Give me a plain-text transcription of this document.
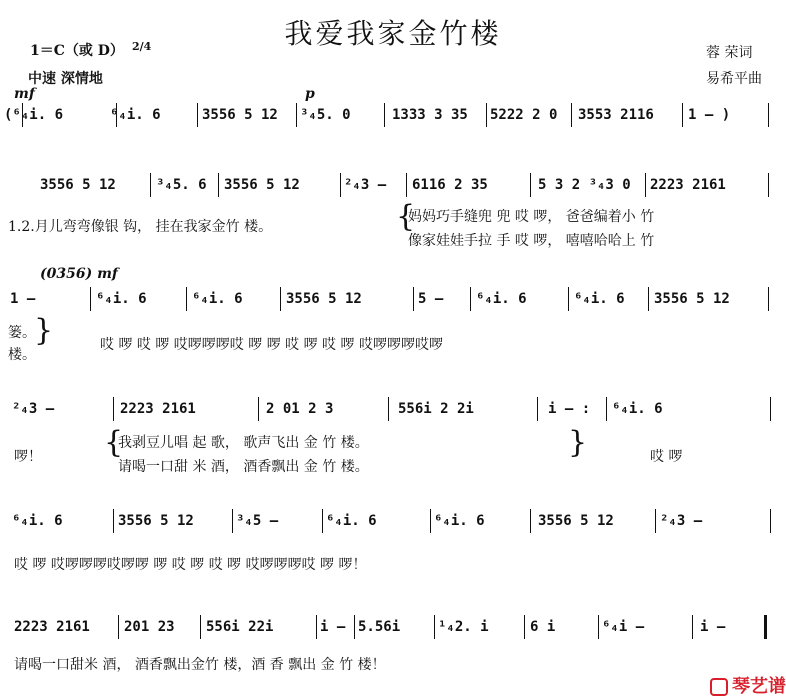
我爱我家金竹楼
1＝C（或 D） 2/4
中速 深情地
蓉 荣词
易希平曲
(⁶₄i. 6	⁶₄i. 6	3556 5 12 ³₄5. 0	1333 3 35 5222 2 0 3553 2116 1 – )
mf	p
3556 5 12	³₄5. 6 3556 5 12	²₄3 – 6116 2 35	5 3 2 ³₄3 0 2223 2161
1 –	⁶₄i. 6	⁶₄i. 6	3556 5 12	5 – ⁶₄i. 6	⁶₄i. 6 3556 5 12
(0356) mf
²₄3 –	2223 2161	2 01 2 3	556i 2 2i	i – : ⁶₄i. 6
⁶₄i. 6	3556 5 12	³₄5 –	⁶₄i. 6	⁶₄i. 6	3556 5 12	²₄3 –
2223 2161 201 23 556i 22i	i – 5.56i	¹₄2. i	6 i	⁶₄i –	i –
1.2.月儿弯弯像银 钩， 挂在我家金竹 楼。
妈妈巧手缝兜 兜 哎 啰， 爸爸编着小 竹
像家娃娃手拉 手 哎 啰， 嘻嘻哈哈上 竹
篓。
楼。
哎 啰 哎 啰 哎啰啰啰哎 啰 啰 哎 啰 哎 啰 哎啰啰啰哎啰
啰！
我剥豆儿唱 起 歌， 歌声飞出 金 竹 楼。
请喝一口甜 米 酒， 酒香飘出 金 竹 楼。
哎 啰
哎 啰 哎啰啰啰哎啰啰 啰 哎 啰 哎 啰 哎啰啰啰哎 啰 啰！
请喝一口甜米 酒， 酒香飘出金竹 楼，酒 香 飘出 金 竹 楼！
{
}
{	}
琴艺谱
